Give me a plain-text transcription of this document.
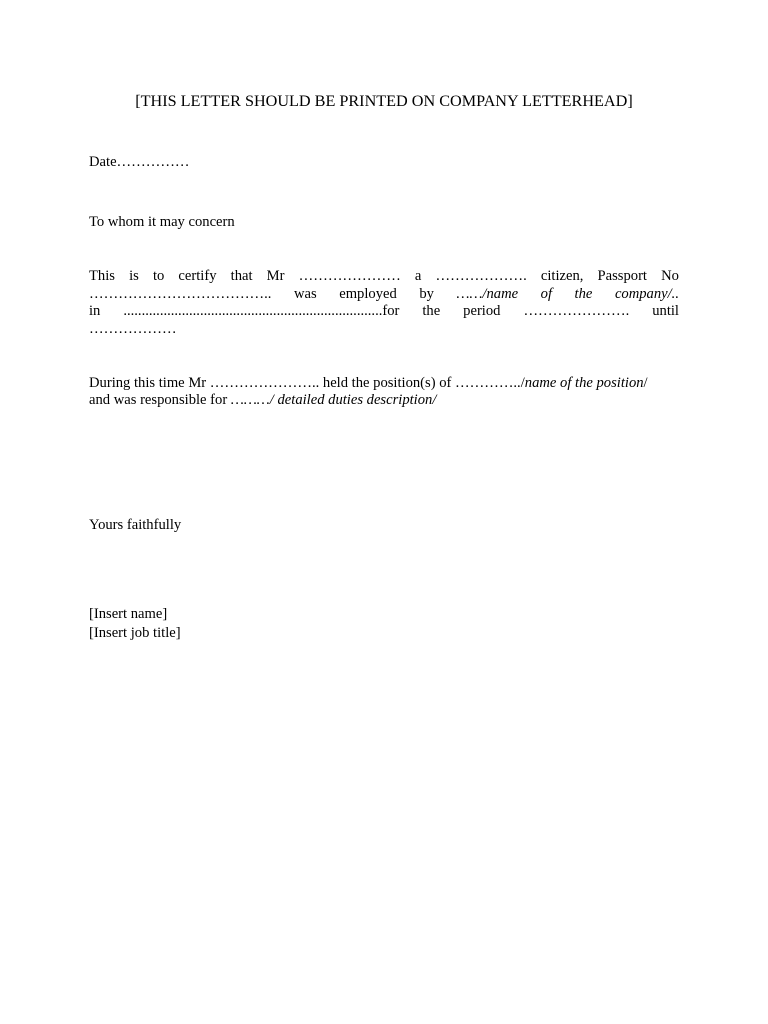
[THIS LETTER SHOULD BE PRINTED ON COMPANY LETTERHEAD]
Date……………
To whom it may concern
This is to certify that Mr ………………… a ………………. citizen, Passport No
……………………………….. was employed by ……/name of the company/..
in .......................................................................for the period …………………. until
………………
During this time Mr ………………….. held the position(s) of …………../name of the position/
and was responsible for ………/ detailed duties description/
Yours faithfully
[Insert name]
[Insert job title]
